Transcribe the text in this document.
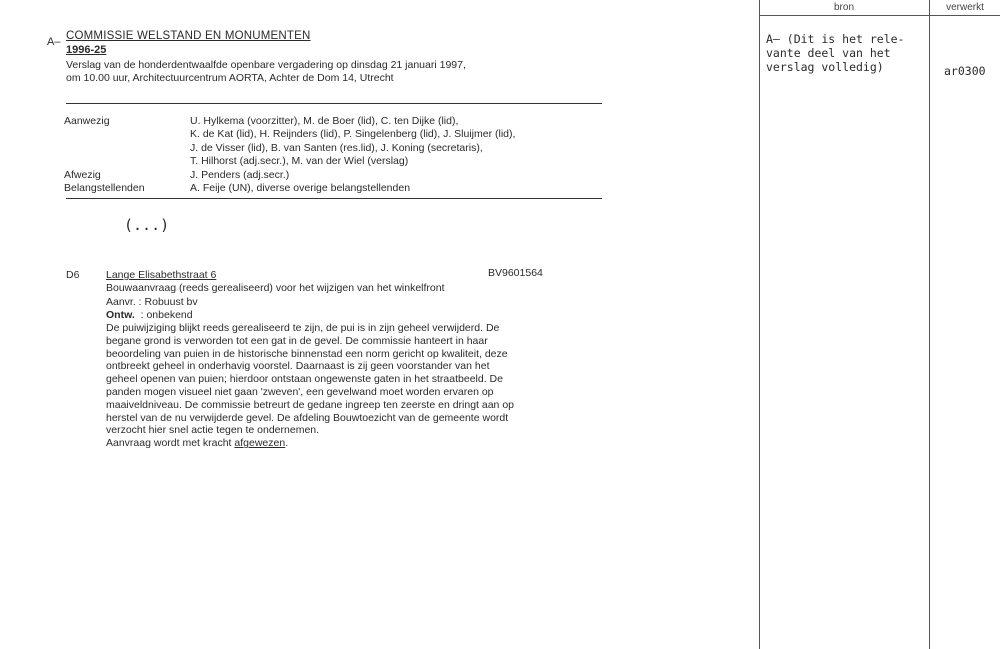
bron	verwerkt
A– (Dit is het rele-
vante deel van het
verslag volledig)	ar0300
A– COMMISSIE WELSTAND EN MONUMENTEN
1996-25
Verslag van de honderdentwaalfde openbare vergadering op dinsdag 21 januari 1997,
om 10.00 uur, Architectuurcentrum AORTA, Achter de Dom 14, Utrecht
Aanwezig	U. Hylkema (voorzitter), M. de Boer (lid), C. ten Dijke (lid),
K. de Kat (lid), H. Reijnders (lid), P. Singelenberg (lid), J. Sluijmer (lid),
J. de Visser (lid), B. van Santen (res.lid), J. Koning (secretaris),
T. Hilhorst (adj.secr.), M. van der Wiel (verslag)
Afwezig	J. Penders (adj.secr.)
Belangstellenden	A. Feije (UN), diverse overige belangstellenden
(...)
D6	Lange Elisabethstraat 6	BV9601564
Bouwaanvraag (reeds gerealiseerd) voor het wijzigen van het winkelfront
Aanvr. : Robuust bv
Ontw. : onbekend
De puiwijziging blijkt reeds gerealiseerd te zijn, de pui is in zijn geheel verwijderd. De
begane grond is verworden tot een gat in de gevel. De commissie hanteert in haar
beoordeling van puien in de historische binnenstad een norm gericht op kwaliteit, deze
ontbreekt geheel in onderhavig voorstel. Daarnaast is zij geen voorstander van het
geheel openen van puien; hierdoor ontstaan ongewenste gaten in het straatbeeld. De
panden mogen visueel niet gaan 'zweven', een gevelwand moet worden ervaren op
maaiveldniveau. De commissie betreurt de gedane ingreep ten zeerste en dringt aan op
herstel van de nu verwijderde gevel. De afdeling Bouwtoezicht van de gemeente wordt
verzocht hier snel actie tegen te ondernemen.
Aanvraag wordt met kracht afgewezen.
